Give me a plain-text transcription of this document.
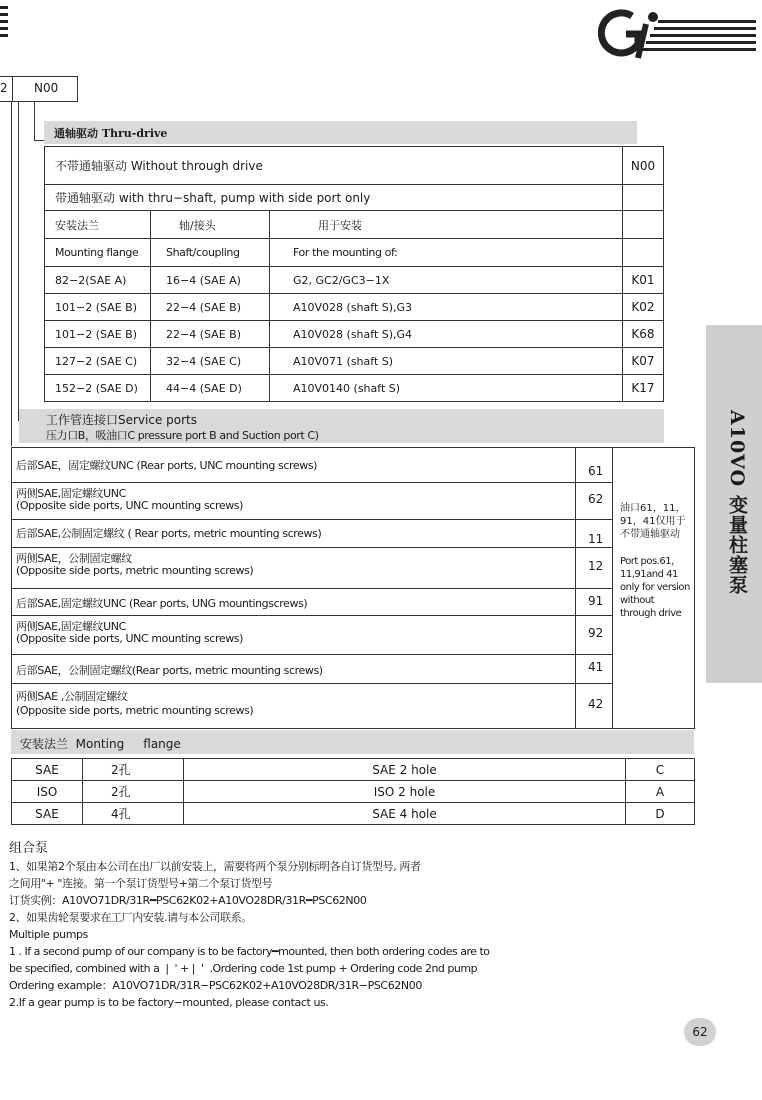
2 N00
通轴驱动 Thru-drive
不带通轴驱动 Without through drive			N00
带通轴驱动 with thru−shaft, pump with side port only			
安装法兰	轴/接头	用于安装	
Mounting flange	Shaft/coupling	For the mounting of:	
82−2(SAE A)	16−4 (SAE A)	G2, GC2/GC3−1X	K01
101−2 (SAE B)	22−4 (SAE B)	A10V028 (shaft S),G3	K02
101−2 (SAE B)	22−4 (SAE B)	A10V028 (shaft S),G4	K68
127−2 (SAE C)	32−4 (SAE C)	A10V071 (shaft S)	K07
152−2 (SAE D)	44−4 (SAE D)	A10V0140 (shaft S)	K17
工作管连接口Service ports
压力口B，吸油口C pressure port B and Suction port C)
后部SAE，固定螺纹UNC (Rear ports, UNC mounting screws)	61
两侧SAE,固定螺纹UNC
(Opposite side ports, UNC mounting screws)	62
后部SAE,公制固定螺纹 ( Rear ports, metric mounting screws)	11
两侧SAE，公制固定螺纹
(Opposite side ports, metric mounting screws)	12
后部SAE,固定螺纹UNC (Rear ports, UNG mountingscrews)	91
两侧SAE,固定螺纹UNC
(Opposite side ports, UNC mounting screws)	92
后部SAE，公制固定螺纹(Rear ports, metric mounting screws)	41
两侧SAE ,公制固定螺纹
(Opposite side ports, metric mounting screws)	42
油口61，11，
91，41仅用于
不带通轴驱动
Port pos.61，
11,91and 41
only for version
without
through drive
安装法兰  Monting     flange
SAE	2孔	SAE 2 hole	C
ISO	2孔	ISO 2 hole	A
SAE	4孔	SAE 4 hole	D
组合泵
1、如果第2个泵由本公司在出厂以前安装上，需要将两个泵分别标明各自订货型号, 两者
之间用"+ "连接。第一个泵订货型号+第二个泵订货型号
订货实例：A10VO71DR/31R━PSC62K02+A10VO28DR/31R━PSC62N00
2、如果齿轮泵要求在工厂内安装.请与本公司联系。
Multiple pumps
1 . If a second pump of our company is to be factory━mounted, then both ordering codes are to
be specified, combined with a  |  ' + |  '  .Ordering code 1st pump + Ordering code 2nd pump
Ordering example：A10VO71DR/31R−PSC62K02+A10VO28DR/31R−PSC62N00
2.If a gear pump is to be factory−mounted, please contact us.
A10VO 变量柱塞泵
62
